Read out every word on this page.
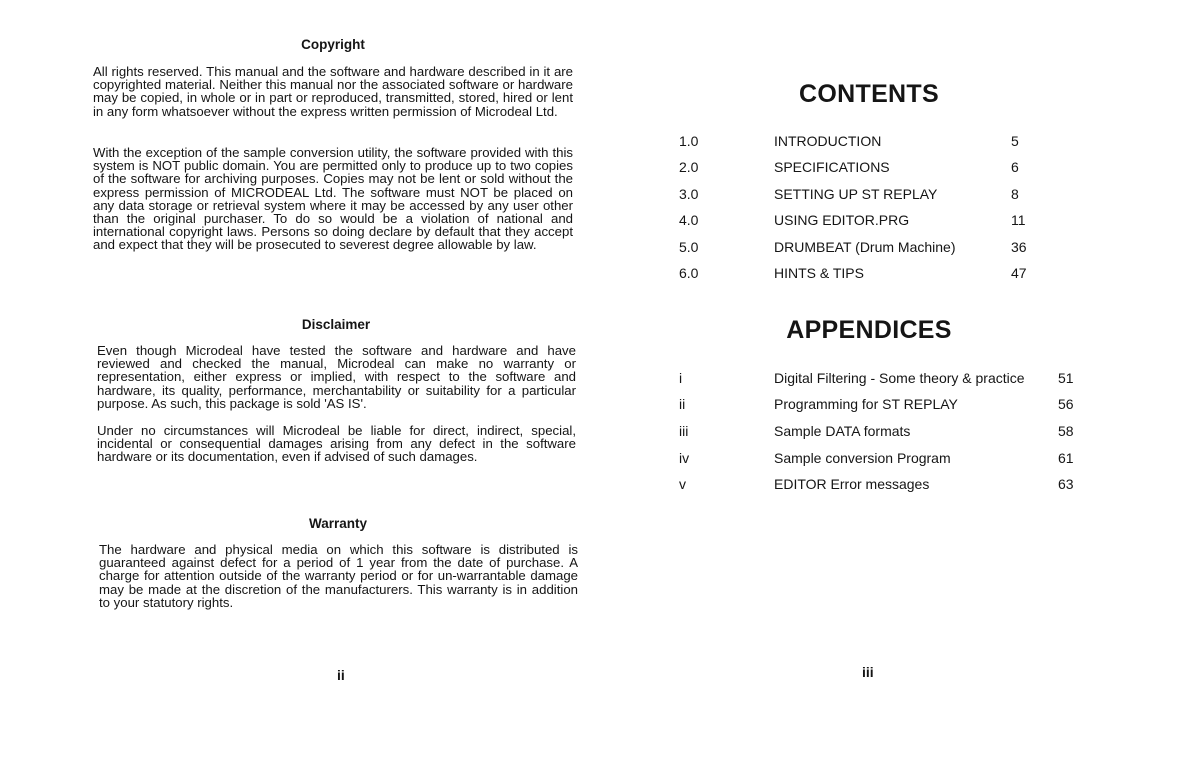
Copyright

All rights reserved. This manual and the software and hardware described in it are copyrighted material. Neither this manual nor the associated software or hardware may be copied, in whole or in part or reproduced, transmitted, stored, hired or lent in any form whatsoever without the express written permission of Microdeal Ltd.

With the exception of the sample conversion utility, the software provided with this system is NOT public domain. You are permitted only to produce up to two copies of the software for archiving purposes. Copies may not be lent or sold without the express permission of MICRODEAL Ltd. The software must NOT be placed on any data storage or retrieval system where it may be accessed by any user other than the original purchaser. To do so would be a violation of national and international copyright laws. Persons so doing declare by default that they accept and expect that they will be prosecuted to severest degree allowable by law.

Disclaimer

Even though Microdeal have tested the software and hardware and have reviewed and checked the manual, Microdeal can make no warranty or representation, either express or implied, with respect to the software and hardware, its quality, performance, merchantability or suitability for a particular purpose. As such, this package is sold 'AS IS'.

Under no circumstances will Microdeal be liable for direct, indirect, special, incidental or consequential damages arising from any defect in the software hardware or its documentation, even if advised of such damages.

Warranty

The hardware and physical media on which this software is distributed is guaranteed against defect for a period of 1 year from the date of purchase. A charge for attention outside of the warranty period or for un-warrantable damage may be made at the discretion of the manufacturers. This warranty is in addition to your statutory rights.

ii
CONTENTS
1.0	INTRODUCTION	5
2.0	SPECIFICATIONS	6
3.0	SETTING UP ST REPLAY	8
4.0	USING EDITOR.PRG	11
5.0	DRUMBEAT (Drum Machine)	36
6.0	HINTS & TIPS	47
APPENDICES
i	Digital Filtering - Some theory & practice 51
ii	Programming for ST REPLAY	56
iii	Sample DATA formats	58
iv	Sample conversion Program	61
v	EDITOR Error messages	63
iii
